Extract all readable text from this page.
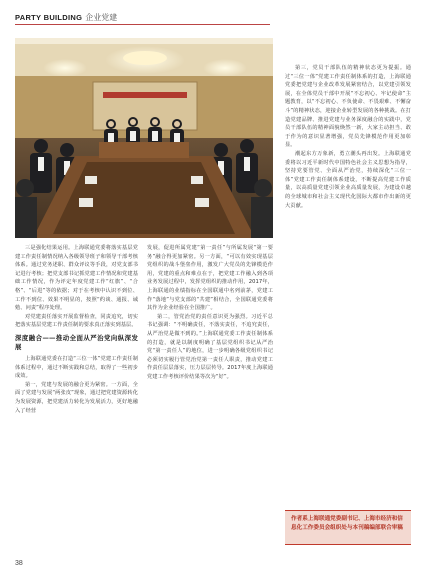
PARTY BUILDING 企业党建

三是强化结果运用。上海联通党委将落实基层党建工作责任制情况纳入各级领导班子和领导干部考核体系。通过党务述职、群众评议等手段，对党支部书记进行考核；把党支部书记抓党建工作情况和党建基础工作情况，作为评定年度党建工作“红旗”、“合格”、“后进”等的依据；对于在考核中认识不到位、工作不到位、效果不明显的，按照“约谈、通报、诫勉、问责”程序处理。

对党建责任落实开展监督检查，同责追究，切实把落实基层党建工作责任制的要求真正落实到基层。

深度融合——推动全面从严治党向纵深发展

上海联通党委在打造“三位一体”党建工作责任制体系过程中，通过不断实践和总结，取得了一些初步成效。

第一，党建与发展的融合更为紧密。一方面，全面了党建与发展“两张皮”现象，通过把党建资源转化为发展资源，把党建活力转化为发展活力，更好地融入了经营

发展，促进所属党建“第一责任”与所属发展“第一要务”融合得更加紧密。另一方面，“可以有效实现基层党组织的战斗堡垒作用，激发广大党员的先锋模范作用，党建的重点和难点在于，把党建工作融入到各项业务发展过程中，发挥党组织的推动作用，2017年，上海联通的业绩指标在全国联通中名列前茅，党建工作“落地”与党支部的“共建”相结合，全国联通党委将其作为企业经验在全国推广。

第二，管党治党的责任意识更为强烈。习近平总书记强调：“不明确责任，不落实责任，不追究责任，从严治党是做不到的。”上海联通党委工作责任制体系的打造，就是以制度明确了基层党组织书记从严治党“第一责任人”的地位，进一步明确各级党组织书记必须切实履行管党治党第一责任人职责，推动党建工作责任层层落实，压力层层传导。2017年度上海联通党建工作考核评价结果等次为“好”。

第三，党员干部队伍的精神状态更为提振。通过“三位一体”党建工作责任制体系的打造，上海联通党委把党建与企业改革发展紧密结合，以党建引领发展，在全体党员干部中开展“不忘初心、牢记使命”主题教育，以“不忘初心、不负使命、不畏艰难、不懈奋斗”的精神状态，迎接企业转型发展的各种挑战。在打造党建品牌、推进党建与业务深度融合的实践中，党员干部队伍的精神面貌焕然一新，大家主动担当、敢于作为的意识显著增强，党员先锋模范作用更加彰显。

潮起东方万象新，勇立潮头再出发。上海联通党委将以习近平新时代中国特色社会主义思想为指导，坚持党要管党、全面从严治党，持续深化“三位一体”党建工作责任制体系建设，不断提高党建工作质量，以高质量党建引领企业高质量发展，为建设卓越的全球城市和社会主义现代化国际大都市作出新的更大贡献。

作者系上海联通党委副书记、上海市经济和信息化工作委员会组织处与本刊稿编部联合审稿
38
